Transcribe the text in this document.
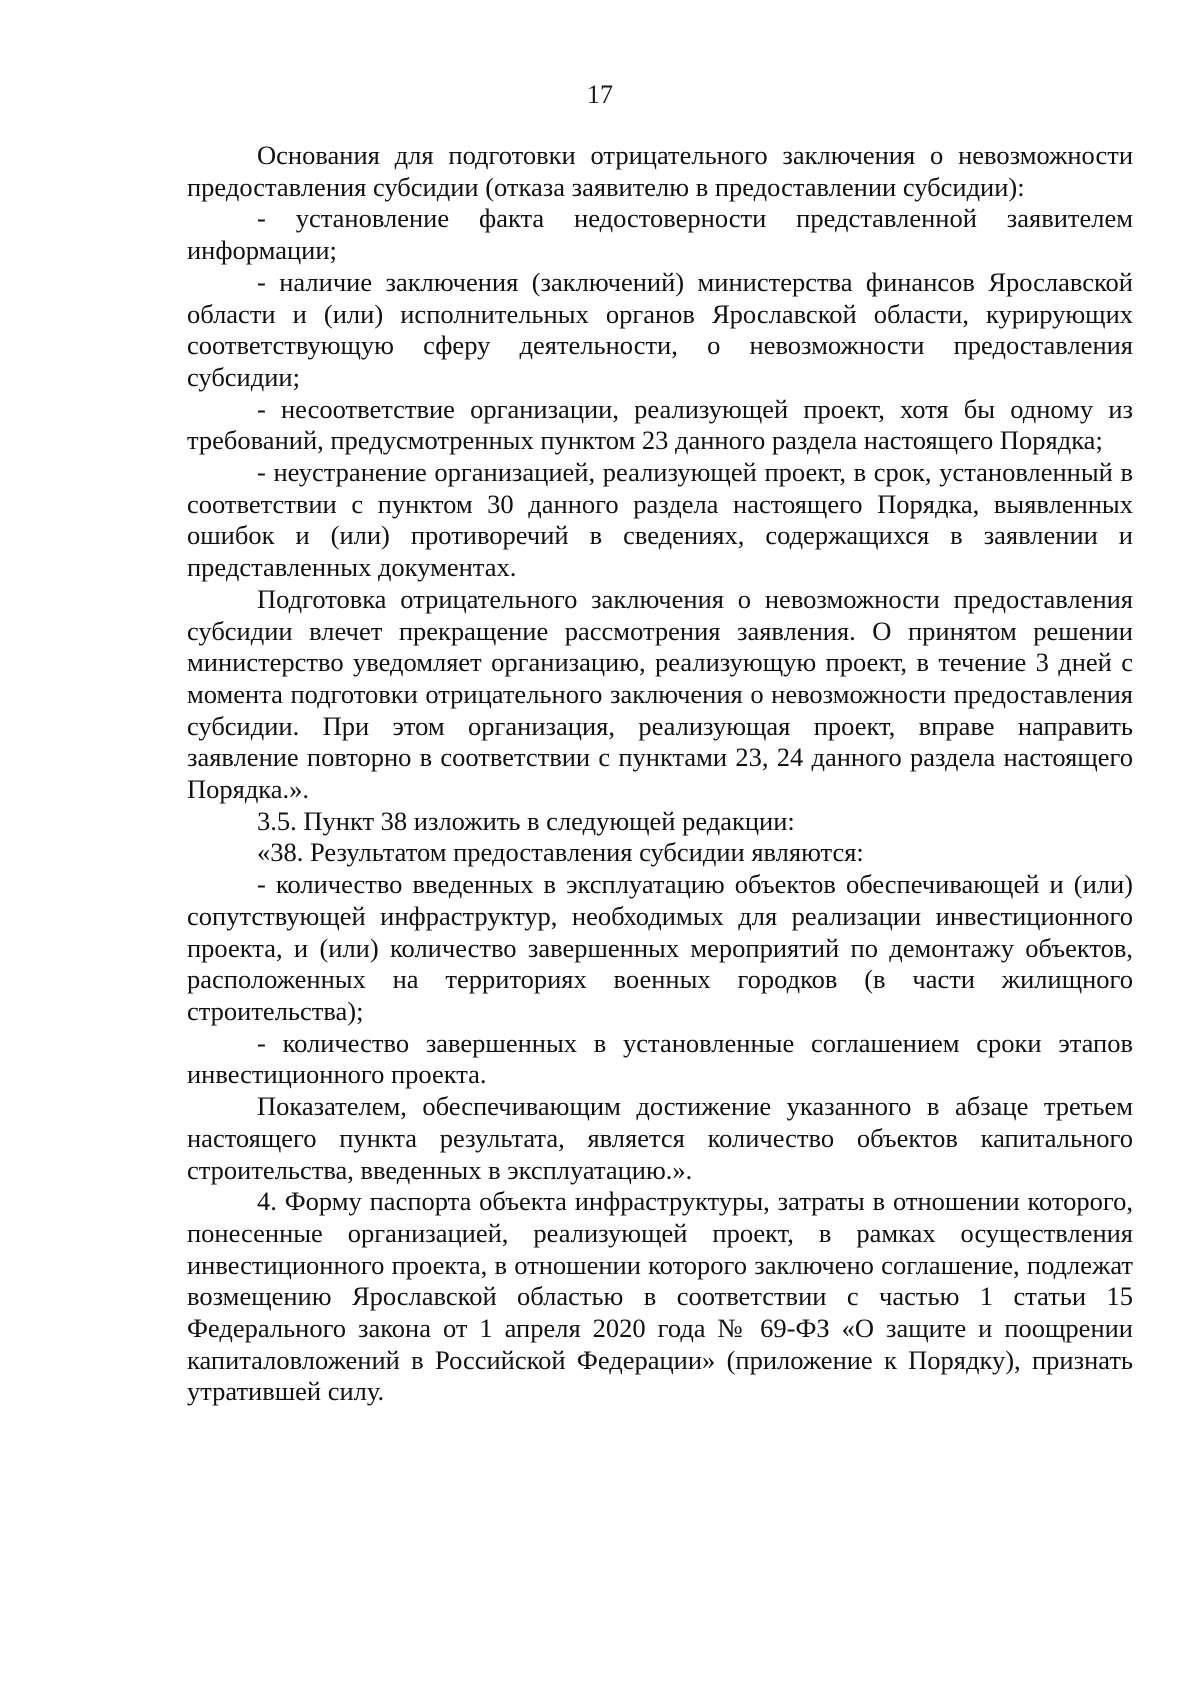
17

Основания для подготовки отрицательного заключения о невозможности предоставления субсидии (отказа заявителю в предоставлении субсидии):

- установление факта недостоверности представленной заявителем информации;

- наличие заключения (заключений) министерства финансов Ярославской области и (или) исполнительных органов Ярославской области, курирующих соответствующую сферу деятельности, о невозможности предоставления субсидии;

- несоответствие организации, реализующей проект, хотя бы одному из требований, предусмотренных пунктом 23 данного раздела настоящего Порядка;

- неустранение организацией, реализующей проект, в срок, установленный в соответствии с пунктом 30 данного раздела настоящего Порядка, выявленных ошибок и (или) противоречий в сведениях, содержащихся в заявлении и представленных документах.

Подготовка отрицательного заключения о невозможности предоставления субсидии влечет прекращение рассмотрения заявления. О принятом решении министерство уведомляет организацию, реализующую проект, в течение 3 дней с момента подготовки отрицательного заключения о невозможности предоставления субсидии. При этом организация, реализующая проект, вправе направить заявление повторно в соответствии с пунктами 23, 24 данного раздела настоящего Порядка.».

3.5. Пункт 38 изложить в следующей редакции:

«38. Результатом предоставления субсидии являются:

- количество введенных в эксплуатацию объектов обеспечивающей и (или) сопутствующей инфраструктур, необходимых для реализации инвестиционного проекта, и (или) количество завершенных мероприятий по демонтажу объектов, расположенных на территориях военных городков (в части жилищного строительства);

- количество завершенных в установленные соглашением сроки этапов инвестиционного проекта.

Показателем, обеспечивающим достижение указанного в абзаце третьем настоящего пункта результата, является количество объектов капитального строительства, введенных в эксплуатацию.».

4. Форму паспорта объекта инфраструктуры, затраты в отношении которого, понесенные организацией, реализующей проект, в рамках осуществления инвестиционного проекта, в отношении которого заключено соглашение, подлежат возмещению Ярославской областью в соответствии с частью 1 статьи 15 Федерального закона от 1 апреля 2020 года № 69-ФЗ «О защите и поощрении капиталовложений в Российской Федерации» (приложение к Порядку), признать утратившей силу.
